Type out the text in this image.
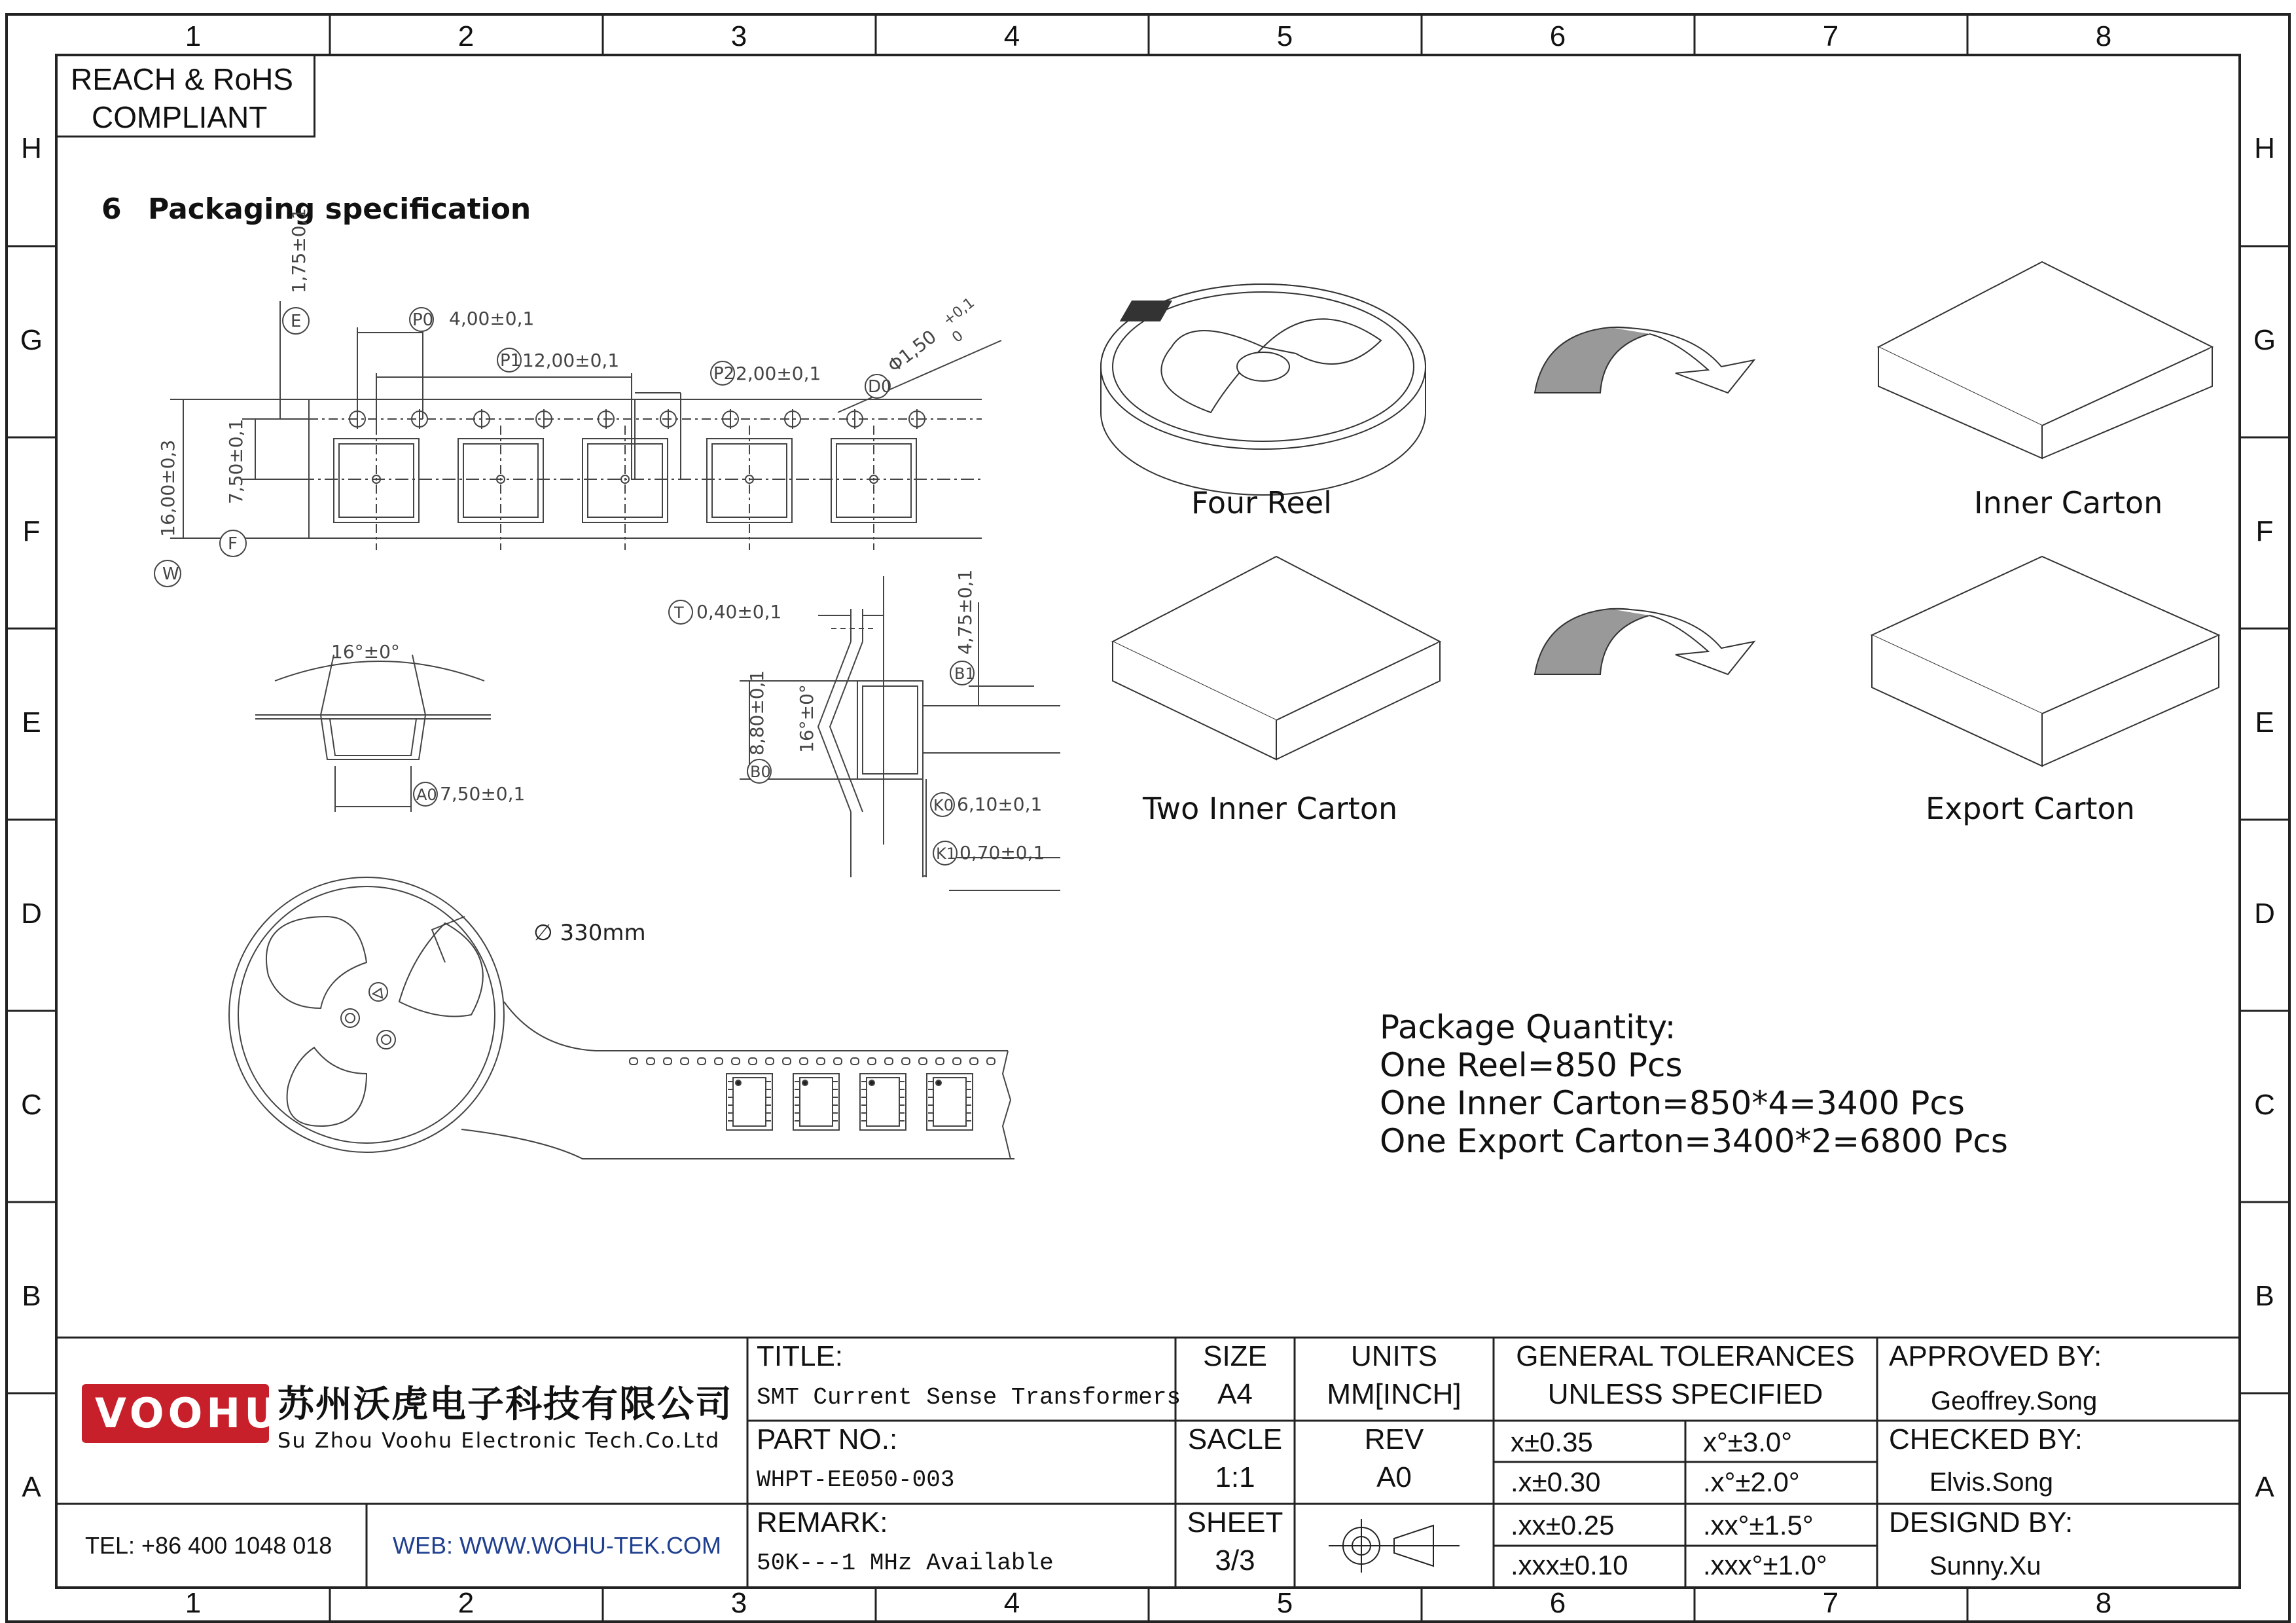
1	2	3	4	5	6	7	8
1	2	3	4	5	6	7	8
H
G
F
E
D
C
B
A
H
G
F
E
D
C
B
A
REACH & RoHS
COMPLIANT
6 Packaging specification
E	P0 4,00±0,1
P1 12,00±0,1
P2 2,00±0,1
D0
Φ1,50
+0,1
0
W
F
1,75±0,1
16,00±0,3	7,50±0,1
16°±0°
A0 7,50±0,1
T
B1
B0
K0
K1
0,40±0,1	4,75±0,1
8,80±0,1 16°±0°
6,10±0,1
0,70±0,1
∅ 330mm
Four Reel	Inner Carton
Two Inner Carton	Export Carton
Package Quantity:
One Reel=850 Pcs
One Inner Carton=850*4=3400 Pcs
One Export Carton=3400*2=6800 Pcs
VOOHU
苏州沃虎电子科技有限公司
Su Zhou Voohu Electronic Tech.Co.Ltd
TEL: +86 400 1048 018	WEB: WWW.WOHU-TEK.COM
TITLE:
SMT Current Sense Transformers
PART NO.:
WHPT-EE050-003
REMARK:
50K---1 MHz Available
SIZE
A4
UNITS
MM[INCH]
SACLE
1:1
REV
A0
SHEET
3/3
GENERAL TOLERANCES
UNLESS SPECIFIED
x±0.35	x°±3.0°
.x±0.30	.x°±2.0°
.xx±0.25	.xx°±1.5°
.xxx±0.10	.xxx°±1.0°
APPROVED BY:
Geoffrey.Song
CHECKED BY:
Elvis.Song
DESIGND BY:
Sunny.Xu
